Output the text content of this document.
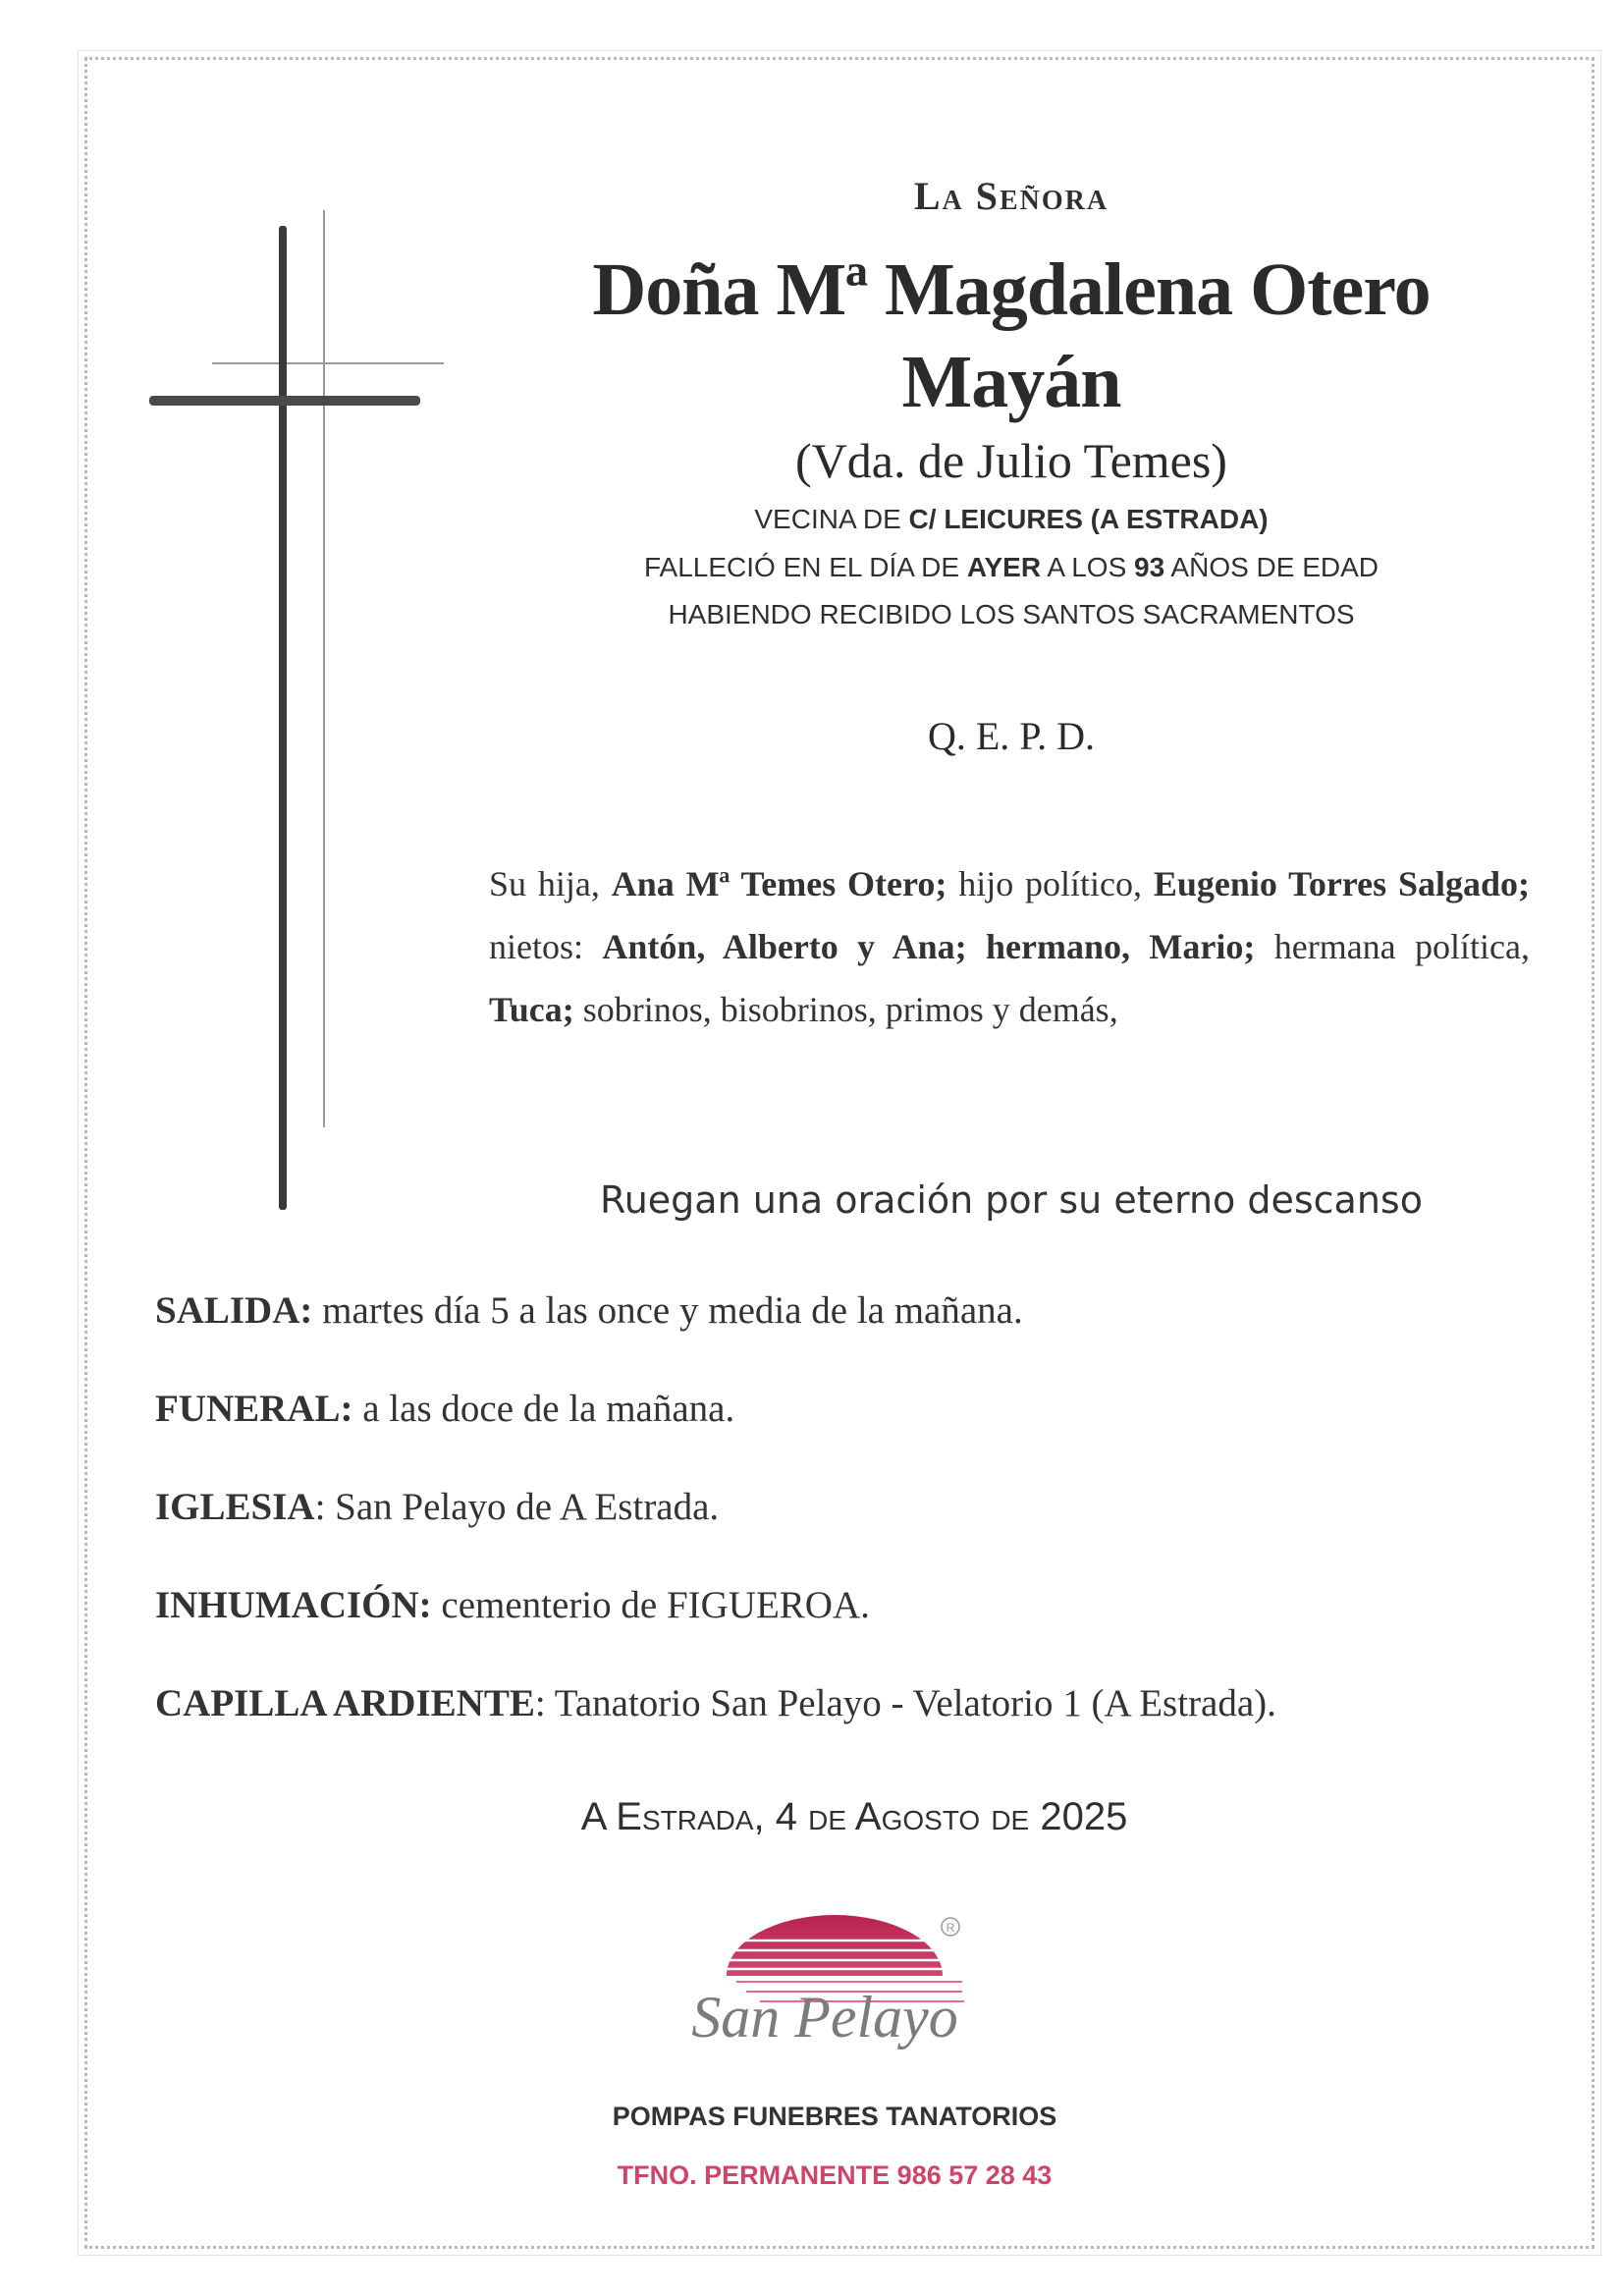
La Señora
Doña Mª Magdalena Otero
Mayán
(Vda. de Julio Temes)
VECINA DE C/ LEICURES (A ESTRADA)
FALLECIÓ EN EL DÍA DE AYER A LOS 93 AÑOS DE EDAD
HABIENDO RECIBIDO LOS SANTOS SACRAMENTOS
Q. E. P. D.
Su hija, Ana Mª Temes Otero; hijo político, Eugenio Torres Salgado; nietos: Antón, Alberto y Ana; hermano, Mario; hermana política, Tuca; sobrinos, bisobrinos, primos y demás,
Ruegan una oración por su eterno descanso
SALIDA: martes día 5 a las once y media de la mañana.
FUNERAL: a las doce de la mañana.
IGLESIA: San Pelayo de A Estrada.
INHUMACIÓN: cementerio de FIGUEROA.
CAPILLA ARDIENTE: Tanatorio San Pelayo - Velatorio 1 (A Estrada).
A Estrada, 4 de Agosto de 2025
R
San Pelayo
POMPAS FUNEBRES TANATORIOS
TFNO. PERMANENTE 986 57 28 43
